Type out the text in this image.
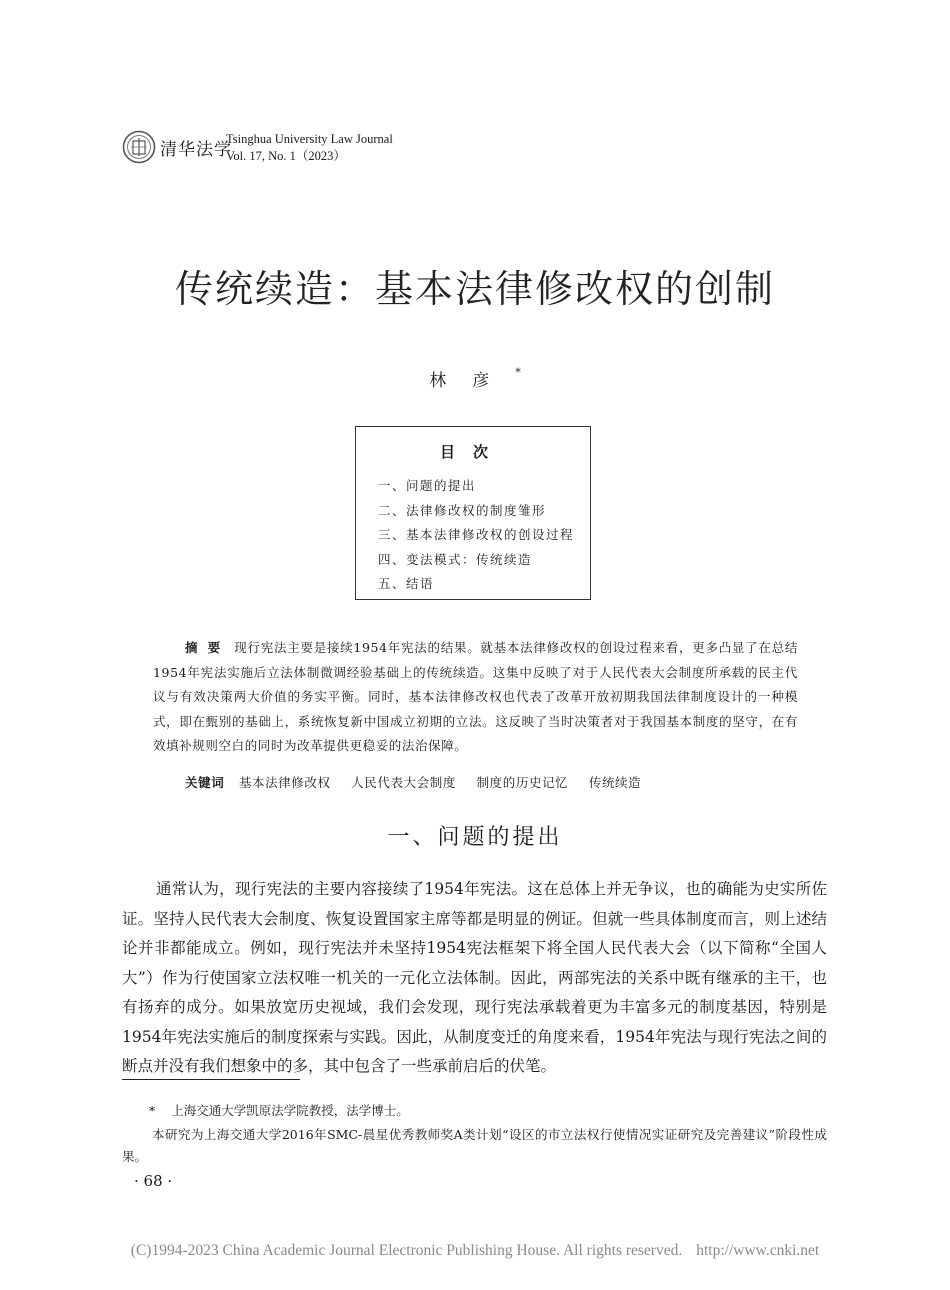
清华法学
Tsinghua University Law Journal
Vol. 17, No. 1（2023）
传统续造：基本法律修改权的创制
林彦*
目次
一、问题的提出
二、法律修改权的制度雏形
三、基本法律修改权的创设过程
四、变法模式：传统续造
五、结语
摘要 现行宪法主要是接续1954年宪法的结果。就基本法律修改权的创设过程来看，更多凸显了在总结1954年宪法实施后立法体制微调经验基础上的传统续造。这集中反映了对于人民代表大会制度所承载的民主代议与有效决策两大价值的务实平衡。同时，基本法律修改权也代表了改革开放初期我国法律制度设计的一种模式，即在甄别的基础上，系统恢复新中国成立初期的立法。这反映了当时决策者对于我国基本制度的坚守，在有效填补规则空白的同时为改革提供更稳妥的法治保障。
关键词 基本法律修改权 人民代表大会制度 制度的历史记忆 传统续造
一、问题的提出

通常认为，现行宪法的主要内容接续了1954年宪法。这在总体上并无争议，也的确能为史实所佐证。坚持人民代表大会制度、恢复设置国家主席等都是明显的例证。但就一些具体制度而言，则上述结论并非都能成立。例如，现行宪法并未坚持1954宪法框架下将全国人民代表大会（以下简称“全国人大”）作为行使国家立法权唯一机关的一元化立法体制。因此，两部宪法的关系中既有继承的主干，也有扬弃的成分。如果放宽历史视域，我们会发现，现行宪法承载着更为丰富多元的制度基因，特别是1954年宪法实施后的制度探索与实践。因此，从制度变迁的角度来看，1954年宪法与现行宪法之间的断点并没有我们想象中的多，其中包含了一些承前启后的伏笔。

* 上海交通大学凯原法学院教授，法学博士。
本研究为上海交通大学2016年SMC-晨星优秀教师奖A类计划“设区的市立法权行使情况实证研究及完善建议”阶段性成果。
· 68 ·
(C)1994-2023 China Academic Journal Electronic Publishing House. All rights reserved. http://www.cnki.net
